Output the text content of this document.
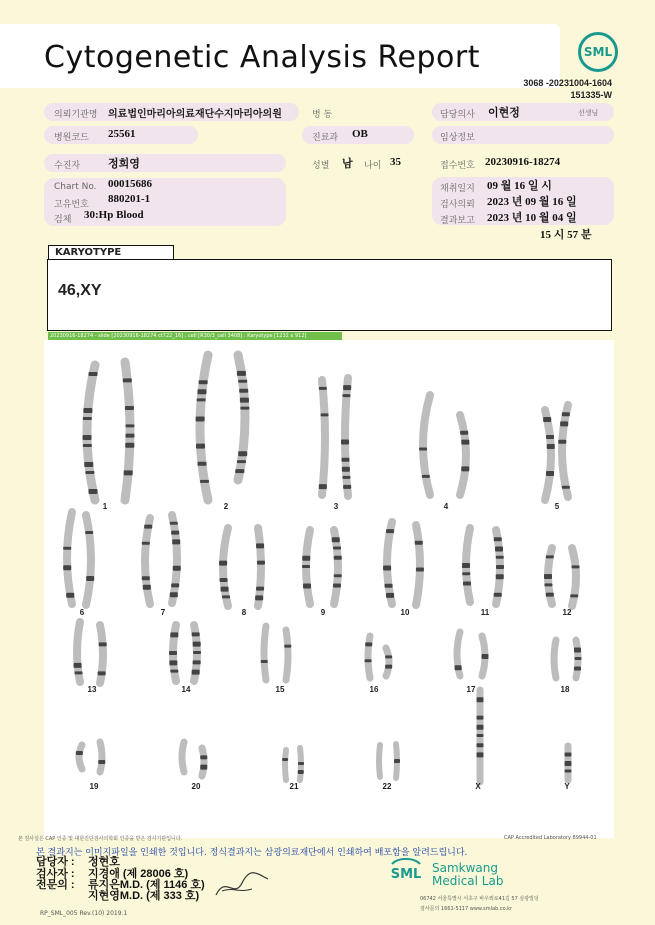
Cytogenetic Analysis Report	SML
3068 -20231004-1604
151335-W
의뢰기관명 의료법인마리아의료재단수지마리아의원	병 동	담당의사 이현정	선생님
병원코드 25561	진료과 OB	임상정보
수진자	정희영	성별 남 나이 35	접수번호 20230916-18274
Chart No. 00015686
고유번호 880201-1
검체 30:Hp Blood
채취일지 09 월 16 일 시
검사의뢰 2023 년 09 월 16 일
결과보고 2023 년 10 월 04 일
15 시 57 분
KARYOTYPE
46,XY
20230916-18274 - slide [20230916-18274 ct722_16] : cell [R30/3_cell 3408] : Karyotype [1232 x 912]
1	2	3	4	5
6	7	8	9	10	11	12
13	14	15	16	17	18
19	20	21	22	X	Y
본 검사실은 CAP 인증 및 대한진단검사의학회 인증을 받은 검사기관입니다.	CAP Accredited Laboratory 89944-01
본 결과지는 이미지파일을 인쇄한 것입니다. 정식결과지는 삼광의료재단에서 인쇄하여 배포함을 알려드립니다.
담당자 : 정현호
검사자 : 지경애 (제 28006 호)
전문의 : 류지은M.D. (제 1146 호)
지현영M.D. (제 333 호)
SML Samkwang
Medical Lab
06742 서울특별시 서초구 바우뫼로41길 57 삼광빌딩
검사문의 1661-5117 www.smlab.co.kr
RP_SML_005 Rev.(10) 2019.1
